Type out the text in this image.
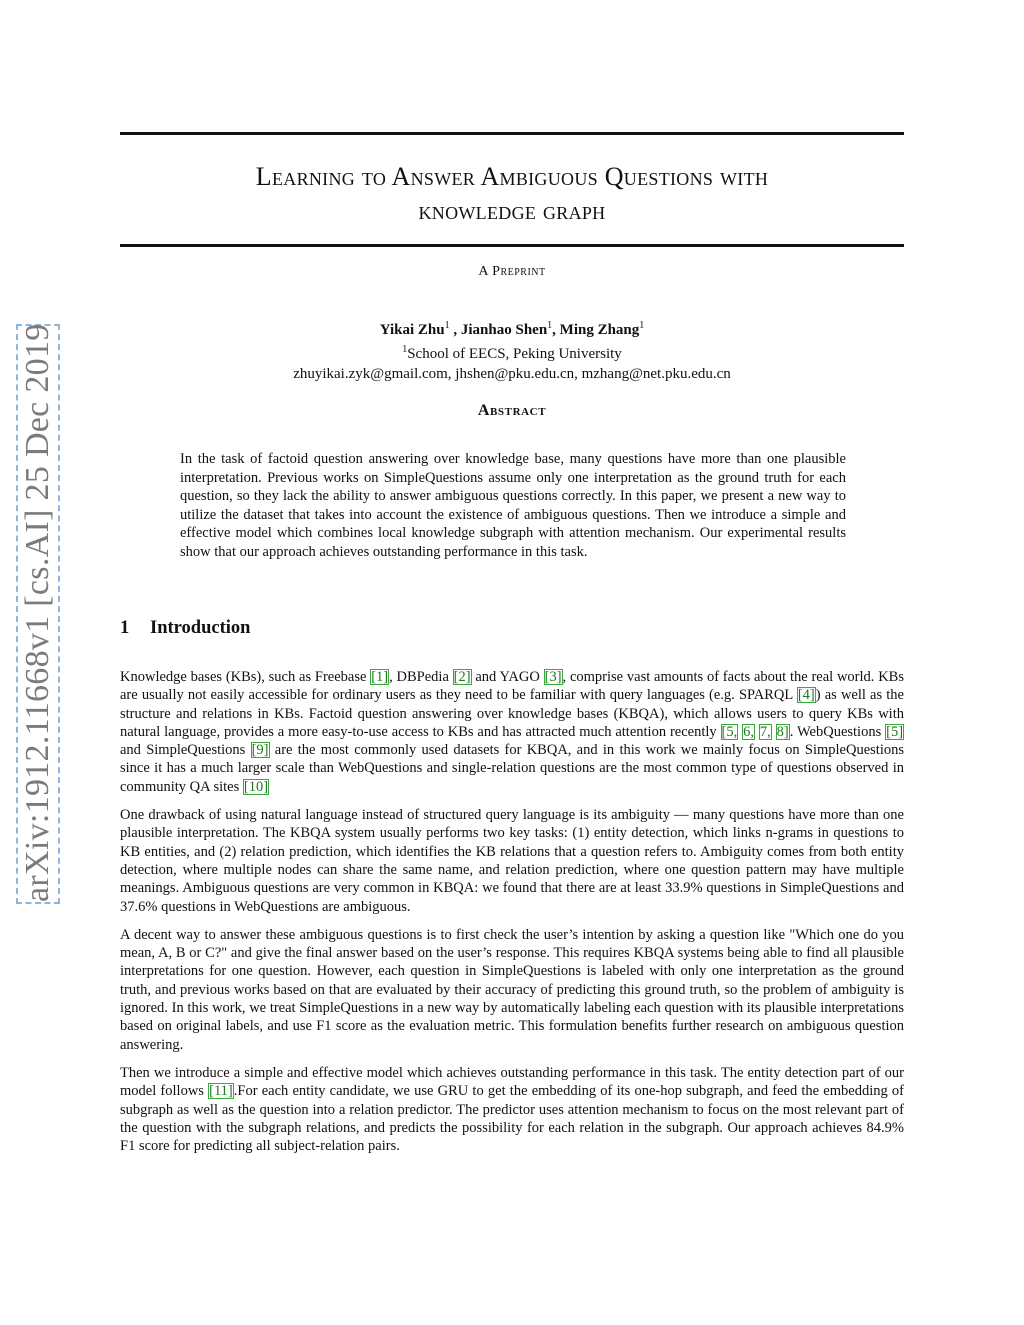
arXiv:1912.11668v1 [cs.AI] 25 Dec 2019
Learning to Answer Ambiguous Questions with
knowledge graph
A Preprint
Yikai Zhu$^1$ , Jianhao Shen$^1$, Ming Zhang$^1$
$^1$School of EECS, Peking University
zhuyikai.zyk@gmail.com, jhshen@pku.edu.cn, mzhang@net.pku.edu.cn
Abstract
In the task of factoid question answering over knowledge base, many questions have more than one plausible interpretation. Previous works on SimpleQuestions assume only one interpretation as the ground truth for each question, so they lack the ability to answer ambiguous questions correctly. In this paper, we present a new way to utilize the dataset that takes into account the existence of ambiguous questions. Then we introduce a simple and effective model which combines local knowledge subgraph with attention mechanism. Our experimental results show that our approach achieves outstanding performance in this task.
1 Introduction

Knowledge bases (KBs), such as Freebase [1], DBPedia [2] and YAGO [3], comprise vast amounts of facts about the real world. KBs are usually not easily accessible for ordinary users as they need to be familiar with query languages (e.g. SPARQL [4]) as well as the structure and relations in KBs. Factoid question answering over knowledge bases (KBQA), which allows users to query KBs with natural language, provides a more easy-to-use access to KBs and has attracted much attention recently [5, 6, 7, 8]. WebQuestions [5] and SimpleQuestions [9] are the most commonly used datasets for KBQA, and in this work we mainly focus on SimpleQuestions since it has a much larger scale than WebQuestions and single-relation questions are the most common type of questions observed in community QA sites [10]

One drawback of using natural language instead of structured query language is its ambiguity — many questions have more than one plausible interpretation. The KBQA system usually performs two key tasks: (1) entity detection, which links n-grams in questions to KB entities, and (2) relation prediction, which identifies the KB relations that a question refers to. Ambiguity comes from both entity detection, where multiple nodes can share the same name, and relation prediction, where one question pattern may have multiple meanings. Ambiguous questions are very common in KBQA: we found that there are at least 33.9% questions in SimpleQuestions and 37.6% questions in WebQuestions are ambiguous.

A decent way to answer these ambiguous questions is to first check the user’s intention by asking a question like "Which one do you mean, A, B or C?" and give the final answer based on the user’s response. This requires KBQA systems being able to find all plausible interpretations for one question. However, each question in SimpleQuestions is labeled with only one interpretation as the ground truth, and previous works based on that are evaluated by their accuracy of predicting this ground truth, so the problem of ambiguity is ignored. In this work, we treat SimpleQuestions in a new way by automatically labeling each question with its plausible interpretations based on original labels, and use F1 score as the evaluation metric. This formulation benefits further research on ambiguous question answering.

Then we introduce a simple and effective model which achieves outstanding performance in this task. The entity detection part of our model follows [11].For each entity candidate, we use GRU to get the embedding of its one-hop subgraph, and feed the embedding of subgraph as well as the question into a relation predictor. The predictor uses attention mechanism to focus on the most relevant part of the question with the subgraph relations, and predicts the possibility for each relation in the subgraph. Our approach achieves 84.9% F1 score for predicting all subject-relation pairs.
